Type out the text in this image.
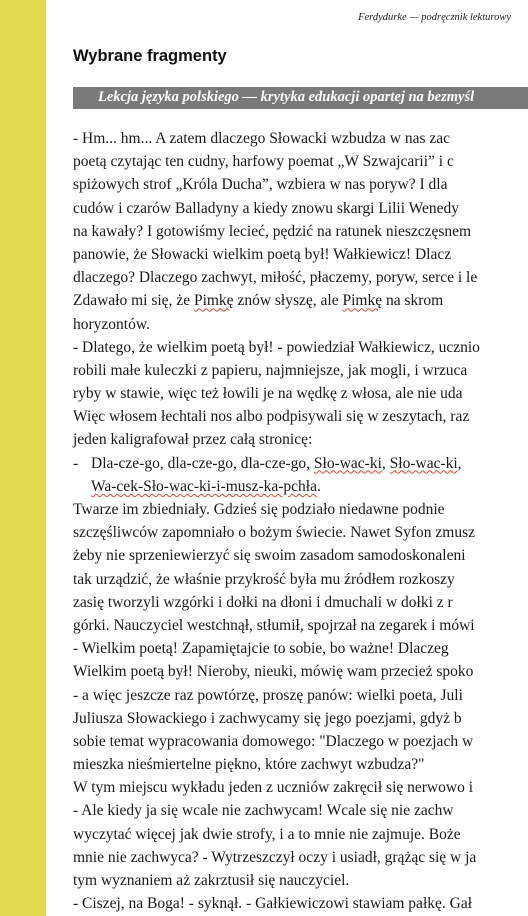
Ferdydurke — podręcznik lekturowy
Wybrane fragmenty
Lekcja języka polskiego — krytyka edukacji opartej na bezmyśl
- Hm... hm... A zatem dlaczego Słowacki wzbudza w nas zac
poetą czytając ten cudny, harfowy poemat „W Szwajcarii” i c
spiżowych strof „Króla Ducha”, wzbiera w nas poryw? I dla
cudów i czarów Balladyny a kiedy znowu skargi Lilii Wenedy
na kawały? I gotowiśmy lecieć, pędzić na ratunek nieszczęsnem
panowie, że Słowacki wielkim poetą był! Wałkiewicz! Dlacz
dlaczego? Dlaczego zachwyt, miłość, płaczemy, poryw, serce i le
Zdawało mi się, że Pimkę znów słyszę, ale Pimkę na skrom
horyzontów.
- Dlatego, że wielkim poetą był! - powiedział Wałkiewicz, ucznio
robili małe kuleczki z papieru, najmniejsze, jak mogli, i wrzuca
ryby w stawie, więc też łowili je na wędkę z włosa, ale nie uda
Więc włosem łechtali nos albo podpisywali się w zeszytach, raz
jeden kaligrafował przez całą stronicę:
- Dla-cze-go, dla-cze-go, dla-cze-go, Sło-wac-ki, Sło-wac-ki,
Wa-cek-Sło-wac-ki-i-musz-ka-pchła.
Twarze im zbiedniały. Gdzieś się podziało niedawne podnie
szczęśliwców zapomniało o bożym świecie. Nawet Syfon zmusz
żeby nie sprzeniewierzyć się swoim zasadom samodoskonaleni
tak urządzić, że właśnie przykrość była mu źródłem rozkoszy
zasię tworzyli wzgórki i dołki na dłoni i dmuchali w dołki z r
górki. Nauczyciel westchnął, stłumił, spojrzał na zegarek i mówi
- Wielkim poetą! Zapamiętajcie to sobie, bo ważne! Dlaczeg
Wielkim poetą był! Nieroby, nieuki, mówię wam przecież spoko
- a więc jeszcze raz powtórzę, proszę panów: wielki poeta, Juli
Juliusza Słowackiego i zachwycamy się jego poezjami, gdyż b
sobie temat wypracowania domowego: "Dlaczego w poezjach w
mieszka nieśmiertelne piękno, które zachwyt wzbudza?"
W tym miejscu wykładu jeden z uczniów zakręcił się nerwowo i
- Ale kiedy ja się wcale nie zachwycam! Wcale się nie zachw
wyczytać więcej jak dwie strofy, i a to mnie nie zajmuje. Boże
mnie nie zachwyca? - Wytrzeszczył oczy i usiadł, grążąc się w ja
tym wyznaniem aż zakrztusił się nauczyciel.
- Ciszej, na Boga! - syknął. - Gałkiewiczowi stawiam pałkę. Gał
